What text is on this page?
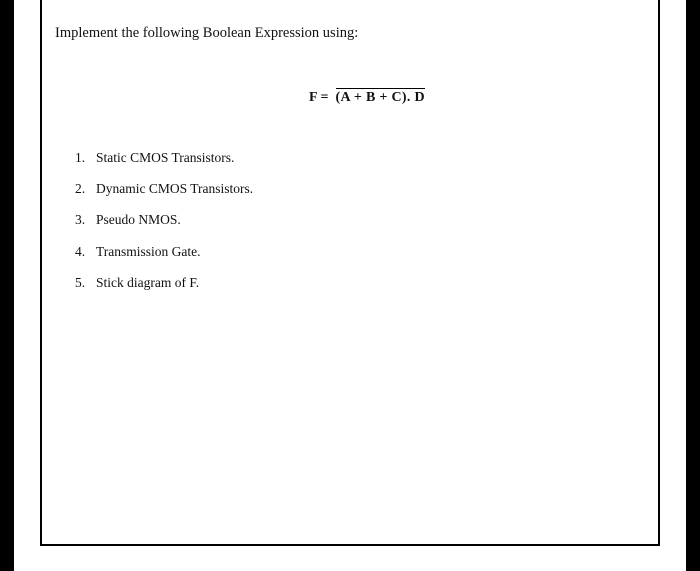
Implement the following Boolean Expression using:

F = (A + B + C). D
1. Static CMOS Transistors.
2. Dynamic CMOS Transistors.
3. Pseudo NMOS.
4. Transmission Gate.
5. Stick diagram of F.
